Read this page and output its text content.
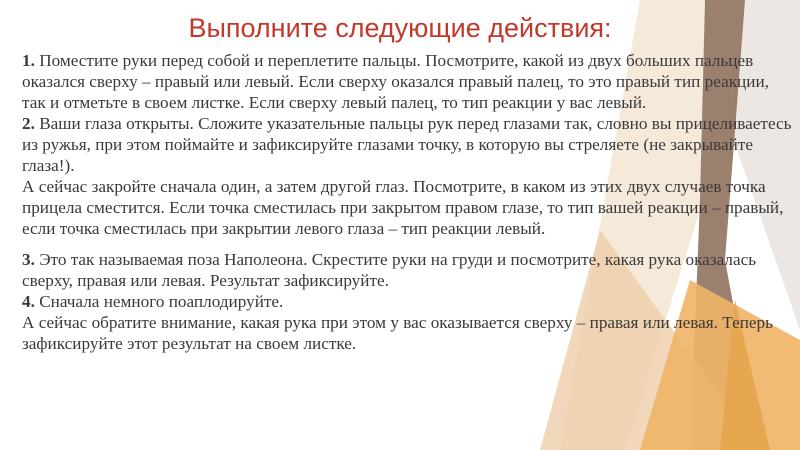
Выполните следующие действия:

1. Поместите руки перед собой и переплетите пальцы. Посмотрите, какой из двух больших пальцев оказался сверху – правый или левый. Если сверху оказался правый палец, то это правый тип реакции, так и отметьте в своем листке. Если сверху левый палец, то тип реакции у вас левый.

2. Ваши глаза открыты. Сложите указательные пальцы рук перед глазами так, словно вы прицеливаетесь из ружья, при этом поймайте и зафиксируйте глазами точку, в которую вы стреляете (не закрывайте глаза!).

А сейчас закройте сначала один, а затем другой глаз. Посмотрите, в каком из этих двух случаев точка прицела сместится. Если точка сместилась при закрытом правом глазе, то тип вашей реакции – правый, если точка сместилась при закрытии левого глаза – тип реакции левый.

3. Это так называемая поза Наполеона. Скрестите руки на груди и посмотрите, какая рука оказалась сверху, правая или левая. Результат зафиксируйте.

4. Сначала немного поаплодируйте.

А сейчас обратите внимание, какая рука при этом у вас оказывается сверху – правая или левая. Теперь зафиксируйте этот результат на своем листке.
